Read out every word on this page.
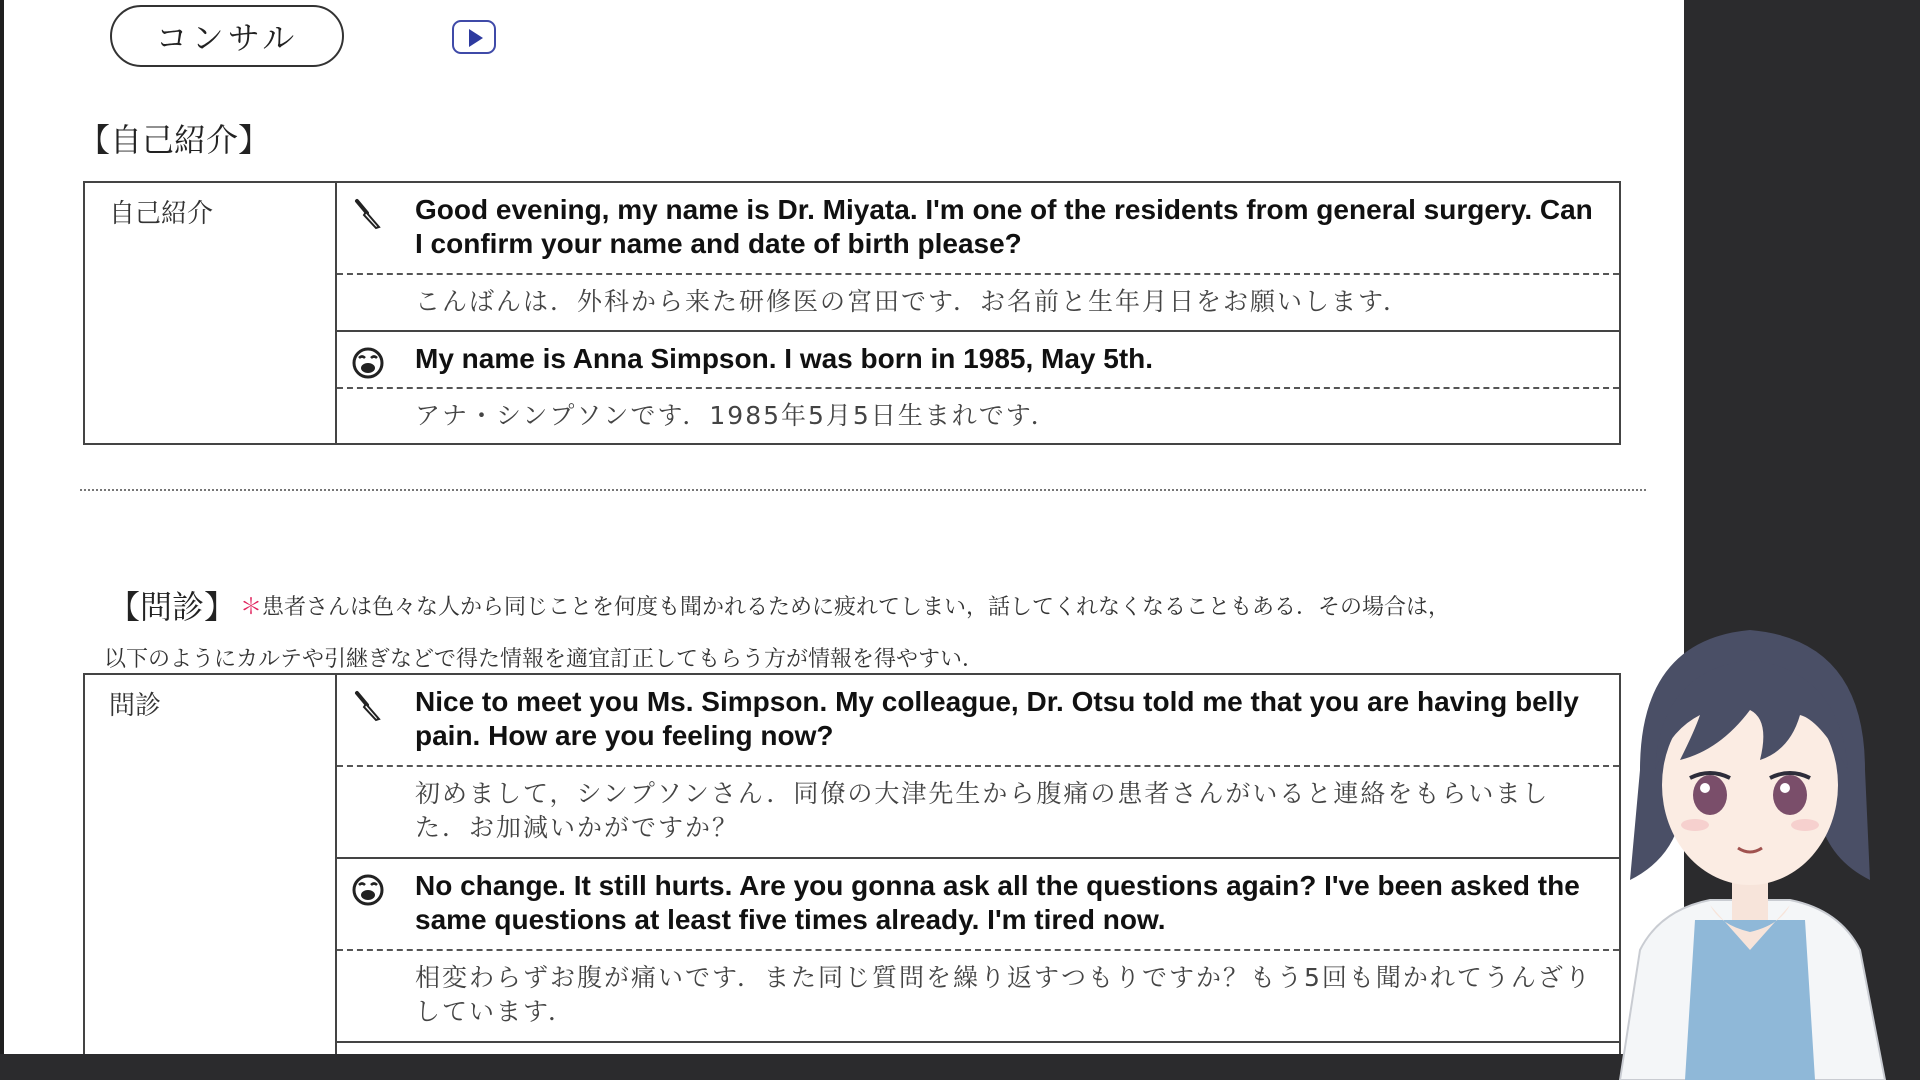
コンサル
【自己紹介】
自己紹介	Good evening, my name is Dr. Miyata. I'm one of the residents from general surgery. Can I confirm your name and date of birth please?
こんばんは．外科から来た研修医の宮田です．お名前と生年月日をお願いします．
My name is Anna Simpson. I was born in 1985, May 5th.
アナ・シンプソンです．1985年5月5日生まれです．
【問診】 ＊患者さんは色々な人から同じことを何度も聞かれるために疲れてしまい，話してくれなくなることもある．その場合は，
以下のようにカルテや引継ぎなどで得た情報を適宜訂正してもらう方が情報を得やすい．
問診	Nice to meet you Ms. Simpson. My colleague, Dr. Otsu told me that you are having belly pain. How are you feeling now?
初めまして，シンプソンさん．同僚の大津先生から腹痛の患者さんがいると連絡をもらいました．お加減いかがですか？
No change. It still hurts. Are you gonna ask all the questions again? I've been asked the same questions at least five times already. I'm tired now.
相変わらずお腹が痛いです．また同じ質問を繰り返すつもりですか？もう5回も聞かれてうんざりしています．
